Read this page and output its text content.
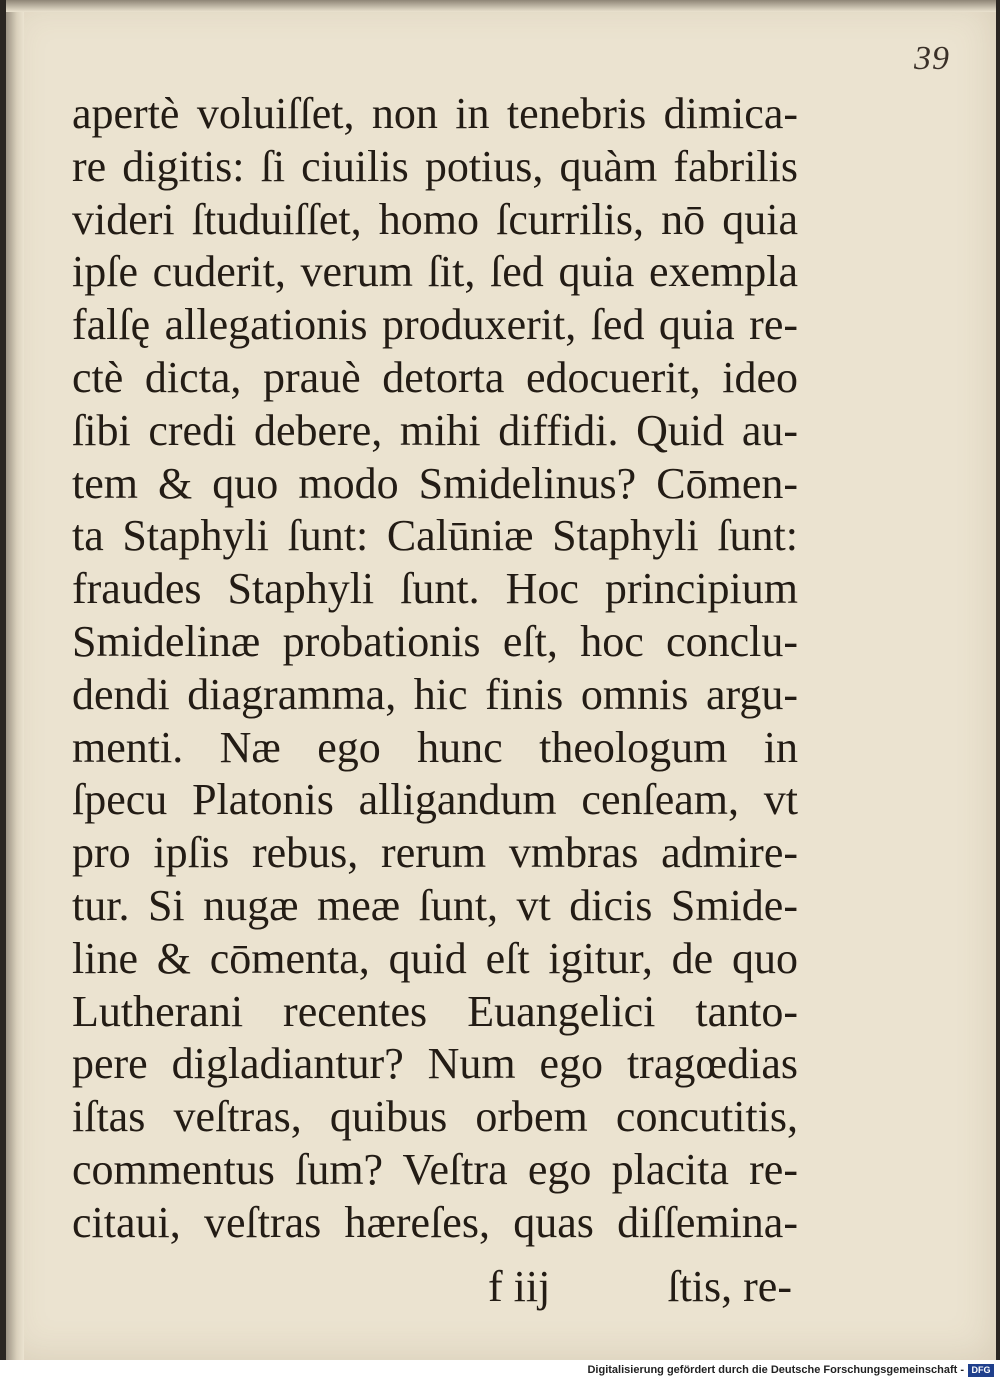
39
apertè voluiſſet, non in tenebris dimica-
re digitis: ſi ciuilis potius, quàm fabrilis
videri ſtuduiſſet, homo ſcurrilis, nō quia
ipſe cuderit, verum ſit, ſed quia exempla
falſę allegationis produxerit, ſed quia re-
ctè dicta, prauè detorta edocuerit, ideo
ſibi credi debere, mihi diffidi. Quid au-
tem & quo modo Smidelinus? Cōmen-
ta Staphyli ſunt: Calūniæ Staphyli ſunt:
fraudes Staphyli ſunt. Hoc principium
Smidelinæ probationis eſt, hoc conclu-
dendi diagramma, hic finis omnis argu-
menti. Næ ego hunc theologum in
ſpecu Platonis alligandum cenſeam, vt
pro ipſis rebus, rerum vmbras admire-
tur. Si nugæ meæ ſunt, vt dicis Smide-
line & cōmenta, quid eſt igitur, de quo
Lutherani recentes Euangelici tanto-
pere digladiantur? Num ego tragœdias
iſtas veſtras, quibus orbem concutitis,
commentus ſum? Veſtra ego placita re-
citaui, veſtras hæreſes, quas diſſemina-
f iij	ſtis, re-
Digitalisierung gefördert durch die Deutsche Forschungsgemeinschaft - DFG
